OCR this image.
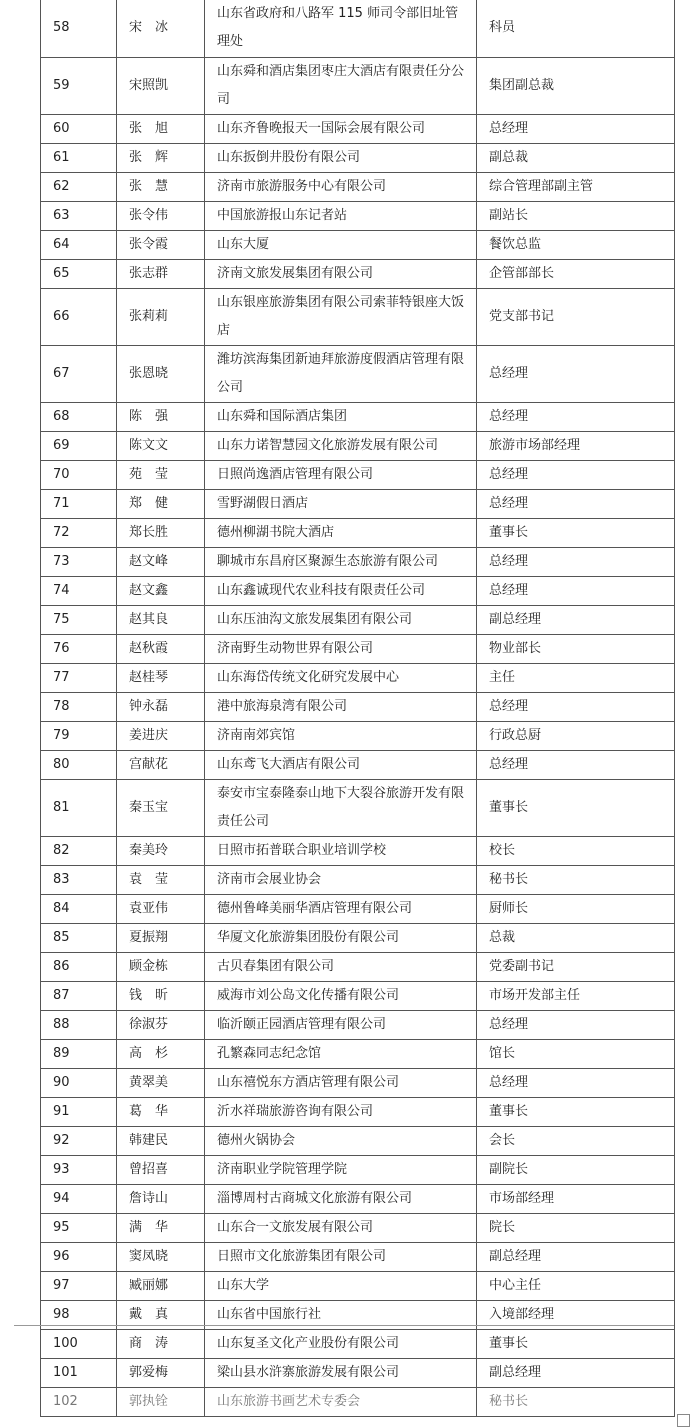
58	宋　冰	山东省政府和八路军 115 师司令部旧址管理处	科员
59	宋照凯	山东舜和酒店集团枣庄大酒店有限责任分公司	集团副总裁
60	张　旭	山东齐鲁晚报天一国际会展有限公司	总经理
61	张　辉	山东扳倒井股份有限公司	副总裁
62	张　慧	济南市旅游服务中心有限公司	综合管理部副主管
63	张令伟	中国旅游报山东记者站	副站长
64	张令霞	山东大厦	餐饮总监
65	张志群	济南文旅发展集团有限公司	企管部部长
66	张莉莉	山东银座旅游集团有限公司索菲特银座大饭店	党支部书记
67	张恩晓	潍坊滨海集团新迪拜旅游度假酒店管理有限公司	总经理
68	陈　强	山东舜和国际酒店集团	总经理
69	陈文文	山东力诺智慧园文化旅游发展有限公司	旅游市场部经理
70	苑　莹	日照尚逸酒店管理有限公司	总经理
71	郑　健	雪野湖假日酒店	总经理
72	郑长胜	德州柳湖书院大酒店	董事长
73	赵文峰	聊城市东昌府区聚源生态旅游有限公司	总经理
74	赵文鑫	山东鑫诚现代农业科技有限责任公司	总经理
75	赵其良	山东压油沟文旅发展集团有限公司	副总经理
76	赵秋霞	济南野生动物世界有限公司	物业部长
77	赵桂琴	山东海岱传统文化研究发展中心	主任
78	钟永磊	港中旅海泉湾有限公司	总经理
79	姜进庆	济南南郊宾馆	行政总厨
80	宫献花	山东鸢飞大酒店有限公司	总经理
81	秦玉宝	泰安市宝泰隆泰山地下大裂谷旅游开发有限责任公司	董事长
82	秦美玲	日照市拓普联合职业培训学校	校长
83	袁　莹	济南市会展业协会	秘书长
84	袁亚伟	德州鲁峰美丽华酒店管理有限公司	厨师长
85	夏振翔	华厦文化旅游集团股份有限公司	总裁
86	顾金栋	古贝春集团有限公司	党委副书记
87	钱　昕	威海市刘公岛文化传播有限公司	市场开发部主任
88	徐淑芬	临沂颐正园酒店管理有限公司	总经理
89	高　杉	孔繁森同志纪念馆	馆长
90	黄翠美	山东禧悦东方酒店管理有限公司	总经理
91	葛　华	沂水祥瑞旅游咨询有限公司	董事长
92	韩建民	德州火锅协会	会长
93	曾招喜	济南职业学院管理学院	副院长
94	詹诗山	淄博周村古商城文化旅游有限公司	市场部经理
95	满　华	山东合一文旅发展有限公司	院长
96	窦凤晓	日照市文化旅游集团有限公司	副总经理
97	臧丽娜	山东大学	中心主任
98	戴　真	山东省中国旅行社	入境部经理
100	商　涛	山东复圣文化产业股份有限公司	董事长
101	郭爱梅	梁山县水浒寨旅游发展有限公司	副总经理
102	郭执铨	山东旅游书画艺术专委会	秘书长
